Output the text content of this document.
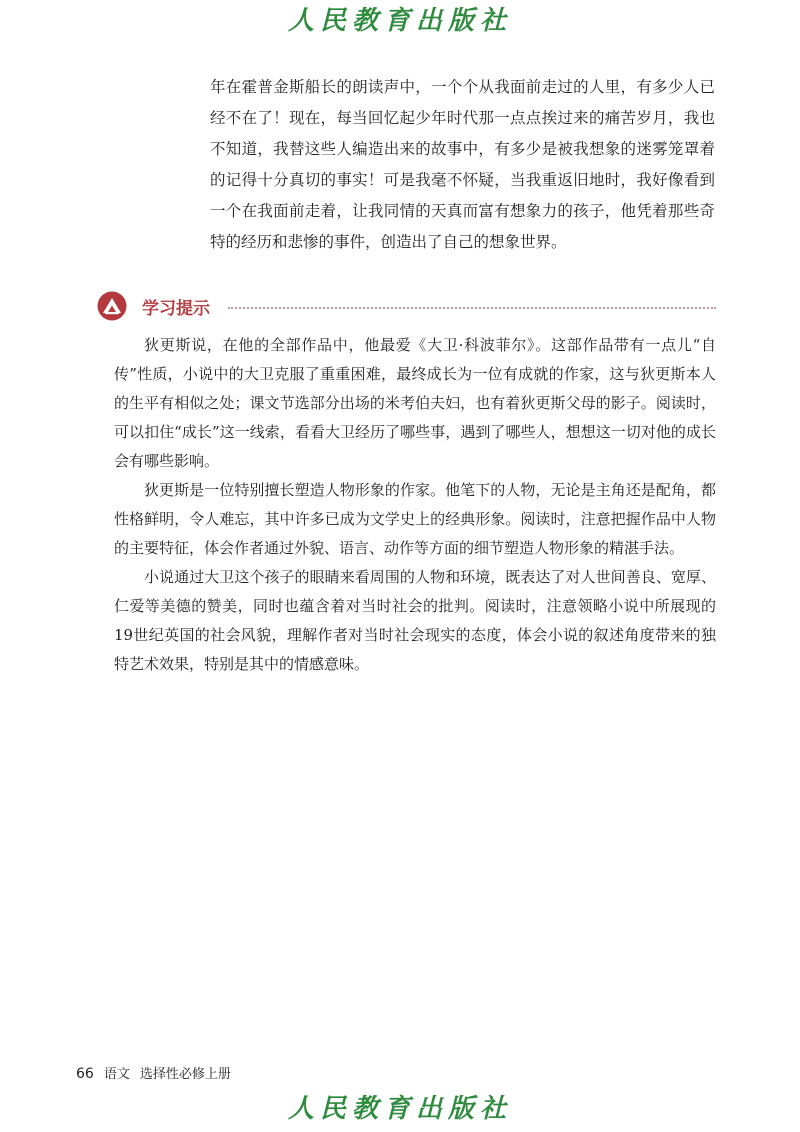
人民教育出版社

年在霍普金斯船长的朗读声中，一个个从我面前走过的人里，有多少人已经不在了！现在，每当回忆起少年时代那一点点挨过来的痛苦岁月，我也不知道，我替这些人编造出来的故事中，有多少是被我想象的迷雾笼罩着的记得十分真切的事实！可是我毫不怀疑，当我重返旧地时，我好像看到一个在我面前走着，让我同情的天真而富有想象力的孩子，他凭着那些奇特的经历和悲惨的事件，创造出了自己的想象世界。

学习提示

狄更斯说，在他的全部作品中，他最爱《大卫·科波菲尔》。这部作品带有一点儿“自传”性质，小说中的大卫克服了重重困难，最终成长为一位有成就的作家，这与狄更斯本人的生平有相似之处；课文节选部分出场的米考伯夫妇，也有着狄更斯父母的影子。阅读时，可以扣住“成长”这一线索，看看大卫经历了哪些事，遇到了哪些人，想想这一切对他的成长会有哪些影响。

狄更斯是一位特别擅长塑造人物形象的作家。他笔下的人物，无论是主角还是配角，都性格鲜明，令人难忘，其中许多已成为文学史上的经典形象。阅读时，注意把握作品中人物的主要特征，体会作者通过外貌、语言、动作等方面的细节塑造人物形象的精湛手法。

小说通过大卫这个孩子的眼睛来看周围的人物和环境，既表达了对人世间善良、宽厚、仁爱等美德的赞美，同时也蕴含着对当时社会的批判。阅读时，注意领略小说中所展现的19世纪英国的社会风貌，理解作者对当时社会现实的态度，体会小说的叙述角度带来的独特艺术效果，特别是其中的情感意味。

66 语文 选择性必修上册
人民教育出版社
